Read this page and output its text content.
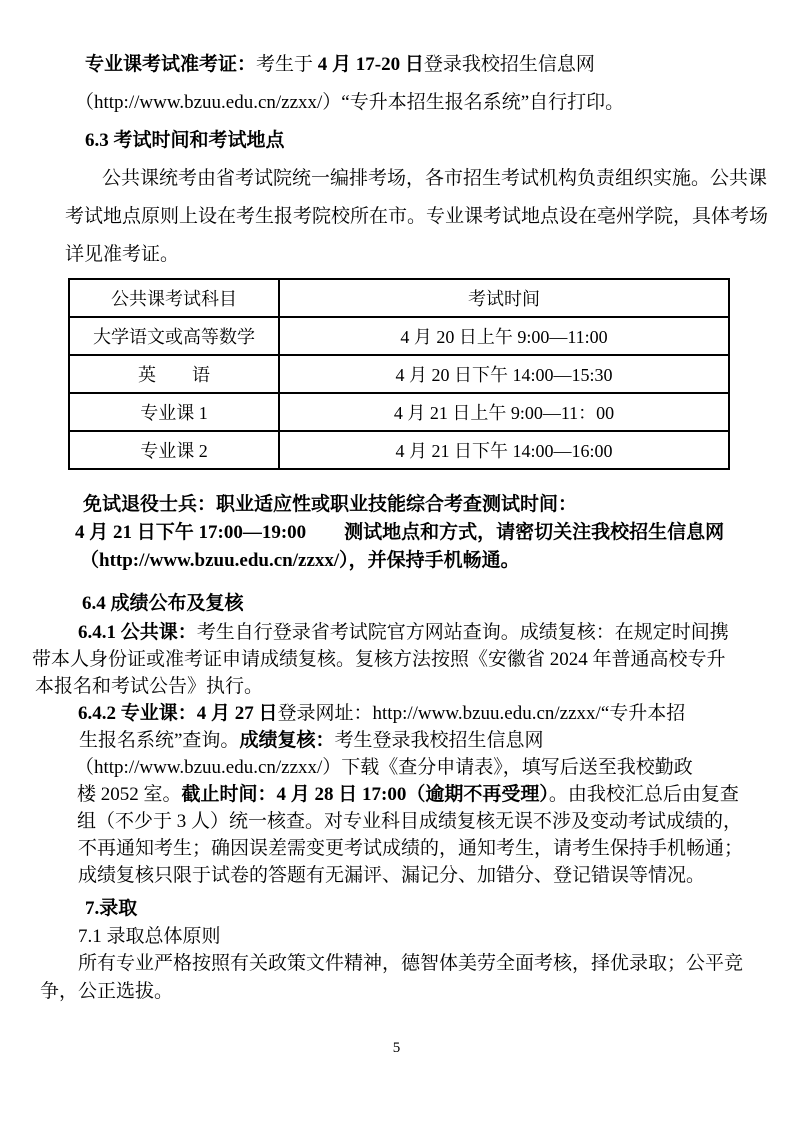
专业课考试准考证：考生于 4 月 17-20 日登录我校招生信息网
（http://www.bzuu.edu.cn/zzxx/）“专升本招生报名系统”自行打印。
6.3 考试时间和考试地点
公共课统考由省考试院统一编排考场，各市招生考试机构负责组织实施。公共课
考试地点原则上设在考生报考院校所在市。专业课考试地点设在亳州学院，具体考场
详见准考证。
公共课考试科目	考试时间
大学语文或高等数学	4 月 20 日上午 9:00—11:00
英　　语	4 月 20 日下午 14:00—15:30
专业课 1	4 月 21 日上午 9:00—11：00
专业课 2	4 月 21 日下午 14:00—16:00
免试退役士兵：职业适应性或职业技能综合考查测试时间：
4 月 21 日下午 17:00—19:00　　测试地点和方式，请密切关注我校招生信息网
（http://www.bzuu.edu.cn/zzxx/），并保持手机畅通。
6.4 成绩公布及复核
6.4.1 公共课：考生自行登录省考试院官方网站查询。成绩复核：在规定时间携
带本人身份证或准考证申请成绩复核。复核方法按照《安徽省 2024 年普通高校专升
本报名和考试公告》执行。
6.4.2 专业课：4 月 27 日登录网址：http://www.bzuu.edu.cn/zzxx/“专升本招
生报名系统”查询。成绩复核：考生登录我校招生信息网
（http://www.bzuu.edu.cn/zzxx/）下载《查分申请表》，填写后送至我校勤政
楼 2052 室。截止时间：4 月 28 日 17:00（逾期不再受理）。由我校汇总后由复查
组（不少于 3 人）统一核查。对专业科目成绩复核无误不涉及变动考试成绩的，
不再通知考生；确因误差需变更考试成绩的，通知考生，请考生保持手机畅通；
成绩复核只限于试卷的答题有无漏评、漏记分、加错分、登记错误等情况。
7.录取
7.1 录取总体原则
所有专业严格按照有关政策文件精神，德智体美劳全面考核，择优录取；公平竞
争，公正选拔。
5
